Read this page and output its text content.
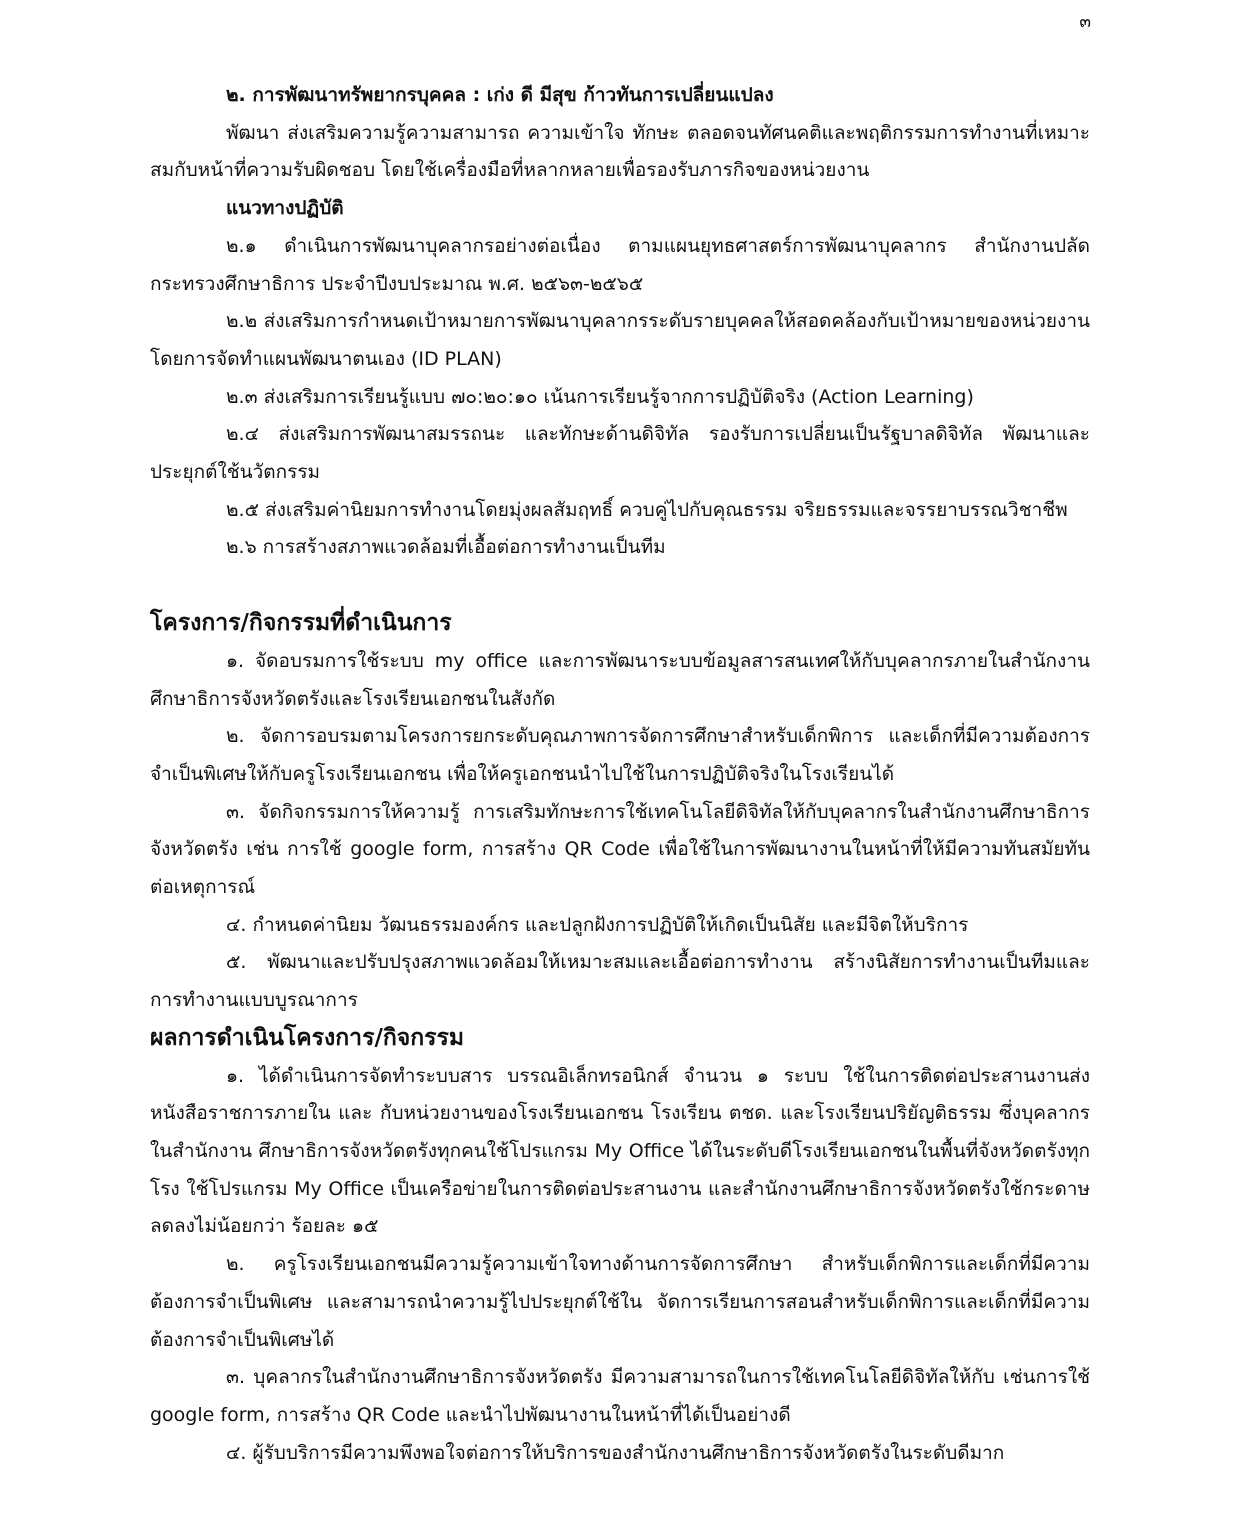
๓

๒. การพัฒนาทรัพยากรบุคคล : เก่ง ดี มีสุข ก้าวทันการเปลี่ยนแปลง

พัฒนา ส่งเสริมความรู้ความสามารถ ความเข้าใจ ทักษะ ตลอดจนทัศนคติและพฤติกรรมการทำงานที่เหมาะสมกับหน้าที่ความรับผิดชอบ โดยใช้เครื่องมือที่หลากหลายเพื่อรองรับภารกิจของหน่วยงาน

แนวทางปฏิบัติ

๒.๑ ดำเนินการพัฒนาบุคลากรอย่างต่อเนื่อง ตามแผนยุทธศาสตร์การพัฒนาบุคลากร สำนักงานปลัดกระทรวงศึกษาธิการ ประจำปีงบประมาณ พ.ศ. ๒๕๖๓-๒๕๖๕

๒.๒ ส่งเสริมการกำหนดเป้าหมายการพัฒนาบุคลากรระดับรายบุคคลให้สอดคล้องกับเป้าหมายของหน่วยงาน โดยการจัดทำแผนพัฒนาตนเอง (ID PLAN)

๒.๓ ส่งเสริมการเรียนรู้แบบ ๗๐:๒๐:๑๐ เน้นการเรียนรู้จากการปฏิบัติจริง (Action Learning)

๒.๔ ส่งเสริมการพัฒนาสมรรถนะ และทักษะด้านดิจิทัล รองรับการเปลี่ยนเป็นรัฐบาลดิจิทัล พัฒนาและประยุกต์ใช้นวัตกรรม

๒.๕ ส่งเสริมค่านิยมการทำงานโดยมุ่งผลสัมฤทธิ์ ควบคู่ไปกับคุณธรรม จริยธรรมและจรรยาบรรณวิชาชีพ

๒.๖ การสร้างสภาพแวดล้อมที่เอื้อต่อการทำงานเป็นทีม

โครงการ/กิจกรรมที่ดำเนินการ

๑. จัดอบรมการใช้ระบบ my office และการพัฒนาระบบข้อมูลสารสนเทศให้กับบุคลากรภายในสำนักงานศึกษาธิการจังหวัดตรังและโรงเรียนเอกชนในสังกัด

๒. จัดการอบรมตามโครงการยกระดับคุณภาพการจัดการศึกษาสำหรับเด็กพิการ และเด็กที่มีความต้องการจำเป็นพิเศษให้กับครูโรงเรียนเอกชน เพื่อให้ครูเอกชนนำไปใช้ในการปฏิบัติจริงในโรงเรียนได้

๓. จัดกิจกรรมการให้ความรู้ การเสริมทักษะการใช้เทคโนโลยีดิจิทัลให้กับบุคลากรในสำนักงานศึกษาธิการจังหวัดตรัง เช่น การใช้ google form, การสร้าง QR Code เพื่อใช้ในการพัฒนางานในหน้าที่ให้มีความทันสมัยทันต่อเหตุการณ์

๔. กำหนดค่านิยม วัฒนธรรมองค์กร และปลูกฝังการปฏิบัติให้เกิดเป็นนิสัย และมีจิตให้บริการ

๕. พัฒนาและปรับปรุงสภาพแวดล้อมให้เหมาะสมและเอื้อต่อการทำงาน สร้างนิสัยการทำงานเป็นทีมและการทำงานแบบบูรณาการ

ผลการดำเนินโครงการ/กิจกรรม

๑. ได้ดำเนินการจัดทำระบบสาร บรรณอิเล็กทรอนิกส์ จำนวน ๑ ระบบ ใช้ในการติดต่อประสานงานส่งหนังสือราชการภายใน และ กับหน่วยงานของโรงเรียนเอกชน โรงเรียน ตชด. และโรงเรียนปริยัญติธรรม ซึ่งบุคลากรในสำนักงาน ศึกษาธิการจังหวัดตรังทุกคนใช้โปรแกรม My Office ได้ในระดับดีโรงเรียนเอกชนในพื้นที่จังหวัดตรังทุกโรง ใช้โปรแกรม My Office เป็นเครือข่ายในการติดต่อประสานงาน และสำนักงานศึกษาธิการจังหวัดตรังใช้กระดาษลดลงไม่น้อยกว่า ร้อยละ ๑๕

๒. ครูโรงเรียนเอกชนมีความรู้ความเข้าใจทางด้านการจัดการศึกษา สำหรับเด็กพิการและเด็กที่มีความต้องการจำเป็นพิเศษ และสามารถนำความรู้ไปประยุกต์ใช้ใน จัดการเรียนการสอนสำหรับเด็กพิการและเด็กที่มีความต้องการจำเป็นพิเศษได้

๓. บุคลากรในสำนักงานศึกษาธิการจังหวัดตรัง มีความสามารถในการใช้เทคโนโลยีดิจิทัลให้กับ เช่นการใช้ google form, การสร้าง QR Code และนำไปพัฒนางานในหน้าที่ได้เป็นอย่างดี

๔. ผู้รับบริการมีความพึงพอใจต่อการให้บริการของสำนักงานศึกษาธิการจังหวัดตรังในระดับดีมาก
